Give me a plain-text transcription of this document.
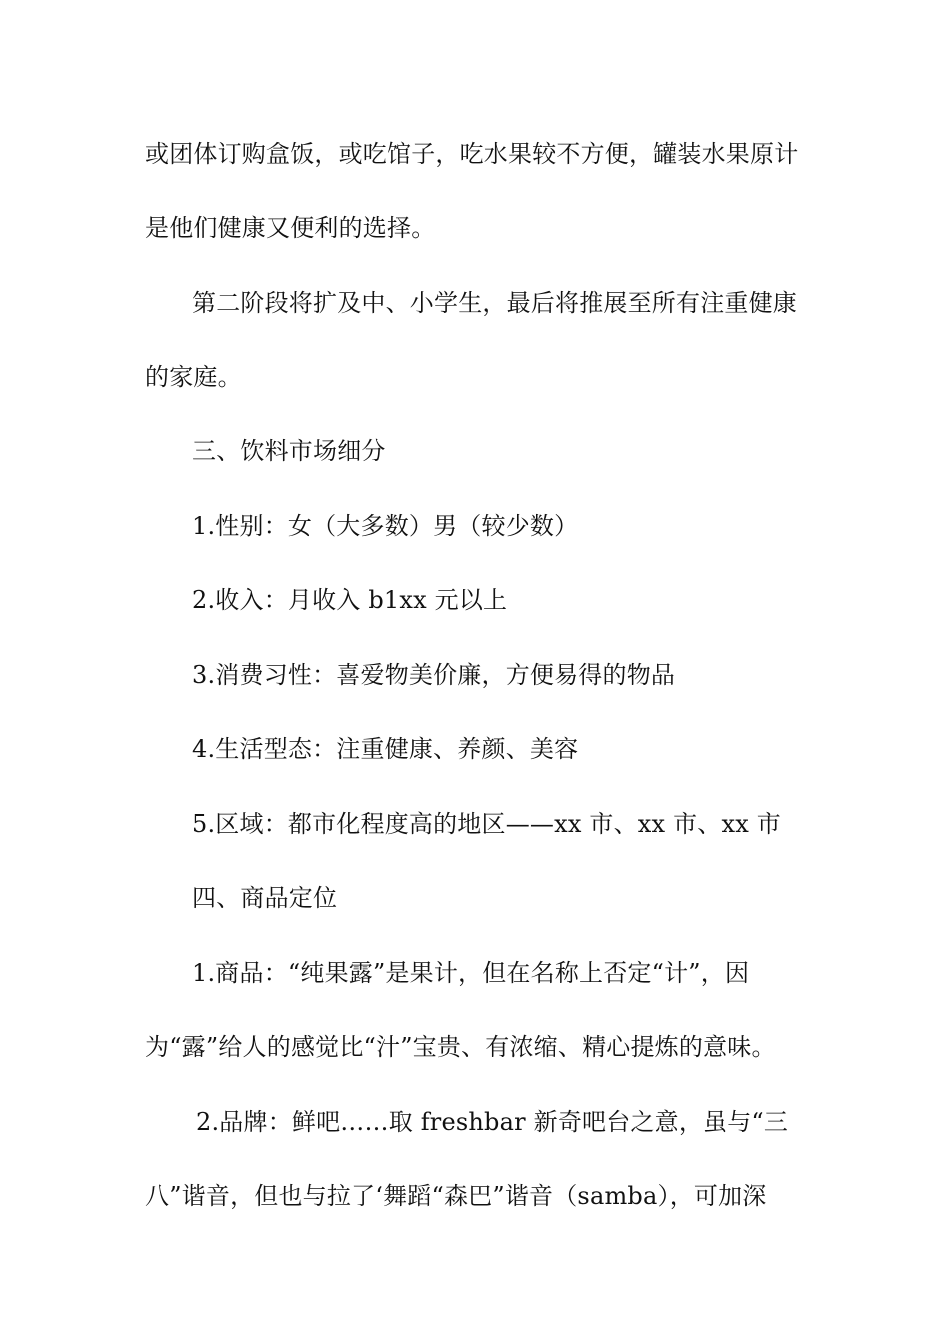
或团体订购盒饭，或吃馆子，吃水果较不方便，罐装水果原计
是他们健康又便利的选择。
第二阶段将扩及中、小学生，最后将推展至所有注重健康
的家庭。
三、饮料市场细分
1.性别：女（大多数）男（较少数）
2.收入：月收入 b1xx 元以上
3.消费习性：喜爱物美价廉，方便易得的物品
4.生活型态：注重健康、养颜、美容
5.区域：都市化程度高的地区——xx 市、xx 市、xx 市
四、商品定位
1.商品：“纯果露”是果计，但在名称上否定“计”，因
为“露”给人的感觉比“汁”宝贵、有浓缩、精心提炼的意味。
2.品牌：鲜吧……取 freshbar 新奇吧台之意，虽与“三
八”谐音，但也与拉了‘舞蹈“森巴”谐音（samba），可加深
